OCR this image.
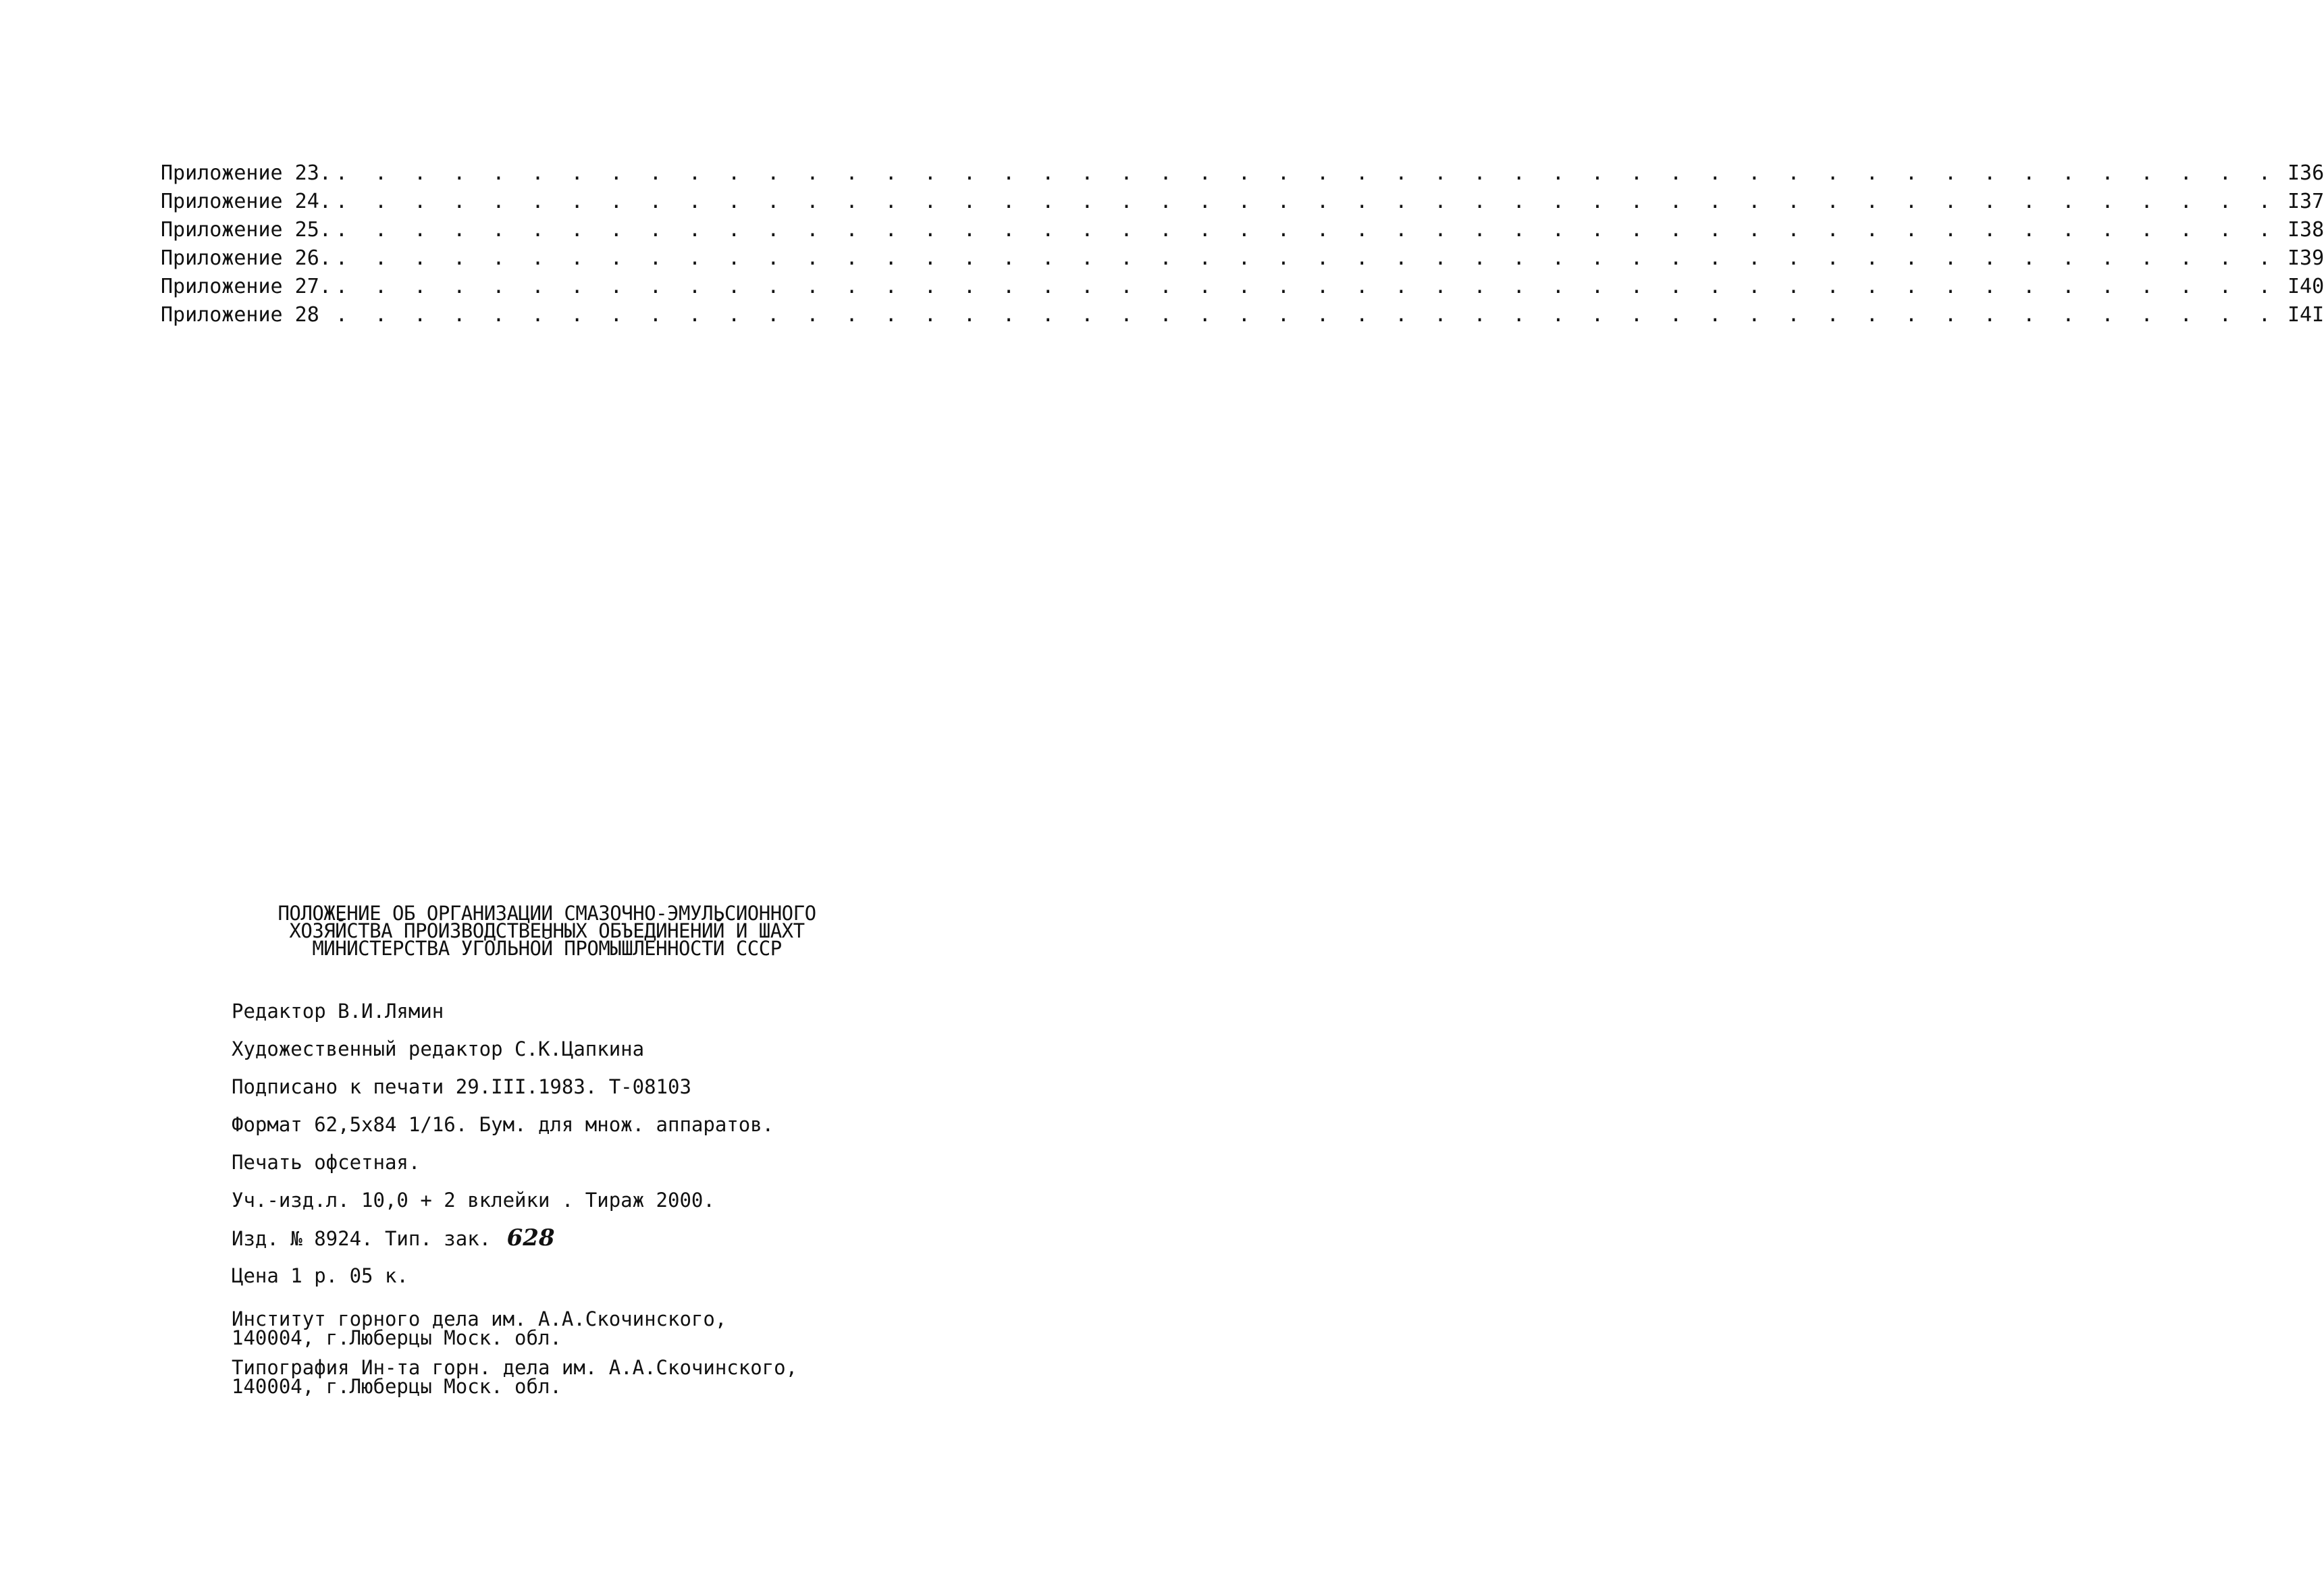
Приложение 23. . . . . . . . . . . . . . . . . . . . . . . . . . . . . . . . . . . . . . . . . . . . . . . . . . . I36
Приложение 24. . . . . . . . . . . . . . . . . . . . . . . . . . . . . . . . . . . . . . . . . . . . . . . . . . . I37
Приложение 25. . . . . . . . . . . . . . . . . . . . . . . . . . . . . . . . . . . . . . . . . . . . . . . . . . . I38
Приложение 26. . . . . . . . . . . . . . . . . . . . . . . . . . . . . . . . . . . . . . . . . . . . . . . . . . . I39
Приложение 27. . . . . . . . . . . . . . . . . . . . . . . . . . . . . . . . . . . . . . . . . . . . . . . . . . . I40
Приложение 28 . . . . . . . . . . . . . . . . . . . . . . . . . . . . . . . . . . . . . . . . . . . . . . . . . . I4I
ПОЛОЖЕНИЕ ОБ ОРГАНИЗАЦИИ СМАЗОЧНО-ЭМУЛЬСИОННОГО
ХОЗЯЙСТВА ПРОИЗВОДСТВЕННЫХ ОБЪЕДИНЕНИЙ И ШАХТ
МИНИСТЕРСТВА УГОЛЬНОЙ ПРОМЫШЛЕННОСТИ СССР
Редактор В.И.Лямин
Художественный редактор С.К.Цапкина
Подписано к печати 29.III.1983. Т-08103
Формат 62,5х84 1/16. Бум. для множ. аппаратов.
Печать офсетная.
Уч.-изд.л. 10,0 + 2 вклейки . Тираж 2000.
Изд. № 8924. Тип. зак. 628
Цена 1 р. 05 к.
Институт горного дела им. А.А.Скочинского,
140004, г.Люберцы Моск. обл.
Типография Ин-та горн. дела им. А.А.Скочинского,
140004, г.Люберцы Моск. обл.
